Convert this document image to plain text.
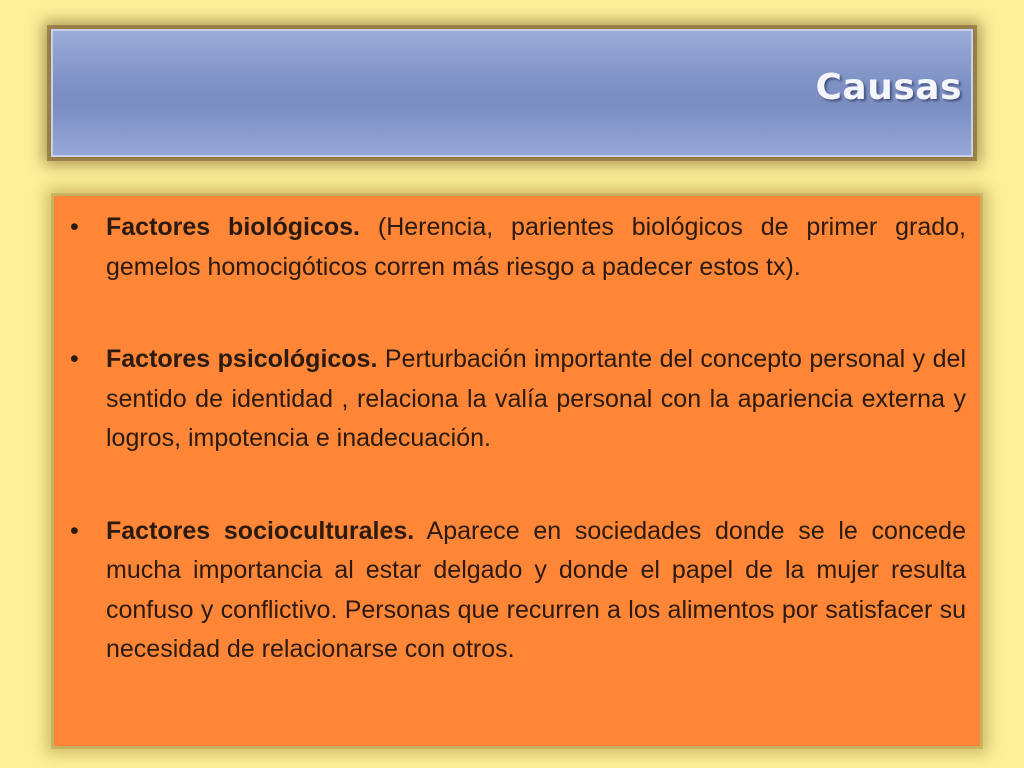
Causas
• Factores biológicos. (Herencia, parientes biológicos de primer grado, gemelos homocigóticos corren más riesgo a padecer estos tx).
• Factores psicológicos. Perturbación importante del concepto personal y del sentido de identidad , relaciona la valía personal con la apariencia externa y logros, impotencia e inadecuación.
• Factores socioculturales. Aparece en sociedades donde se le concede mucha importancia al estar delgado y donde el papel de la mujer resulta confuso y conflictivo. Personas que recurren a los alimentos por satisfacer su necesidad de relacionarse con otros.
